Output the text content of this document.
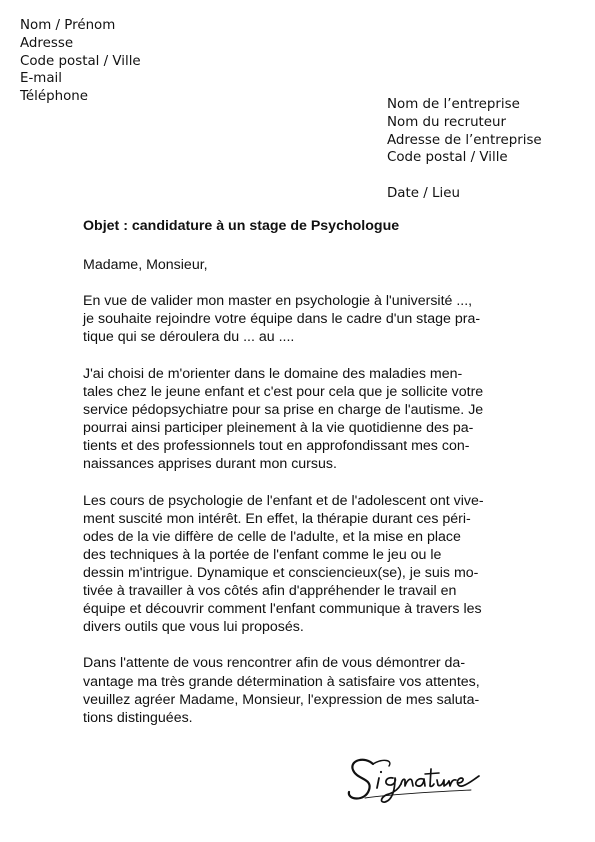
Nom / Prénom
Adresse
Code postal / Ville
E-mail
Téléphone
Nom de l’entreprise
Nom du recruteur
Adresse de l’entreprise
Code postal / Ville
Date / Lieu
Objet : candidature à un stage de Psychologue

Madame, Monsieur,

En vue de valider mon master en psychologie à l'université ...,
je souhaite rejoindre votre équipe dans le cadre d'un stage pra-
tique qui se déroulera du ... au ....

J'ai choisi de m'orienter dans le domaine des maladies men-
tales chez le jeune enfant et c'est pour cela que je sollicite votre
service pédopsychiatre pour sa prise en charge de l'autisme. Je
pourrai ainsi participer pleinement à la vie quotidienne des pa-
tients et des professionnels tout en approfondissant mes con-
naissances apprises durant mon cursus.

Les cours de psychologie de l'enfant et de l'adolescent ont vive-
ment suscité mon intérêt. En effet, la thérapie durant ces péri-
odes de la vie diffère de celle de l'adulte, et la mise en place
des techniques à la portée de l'enfant comme le jeu ou le
dessin m'intrigue. Dynamique et consciencieux(se), je suis mo-
tivée à travailler à vos côtés afin d'appréhender le travail en
équipe et découvrir comment l'enfant communique à travers les
divers outils que vous lui proposés.

Dans l'attente de vous rencontrer afin de vous démontrer da-
vantage ma très grande détermination à satisfaire vos attentes,
veuillez agréer Madame, Monsieur, l'expression de mes saluta-
tions distinguées.
